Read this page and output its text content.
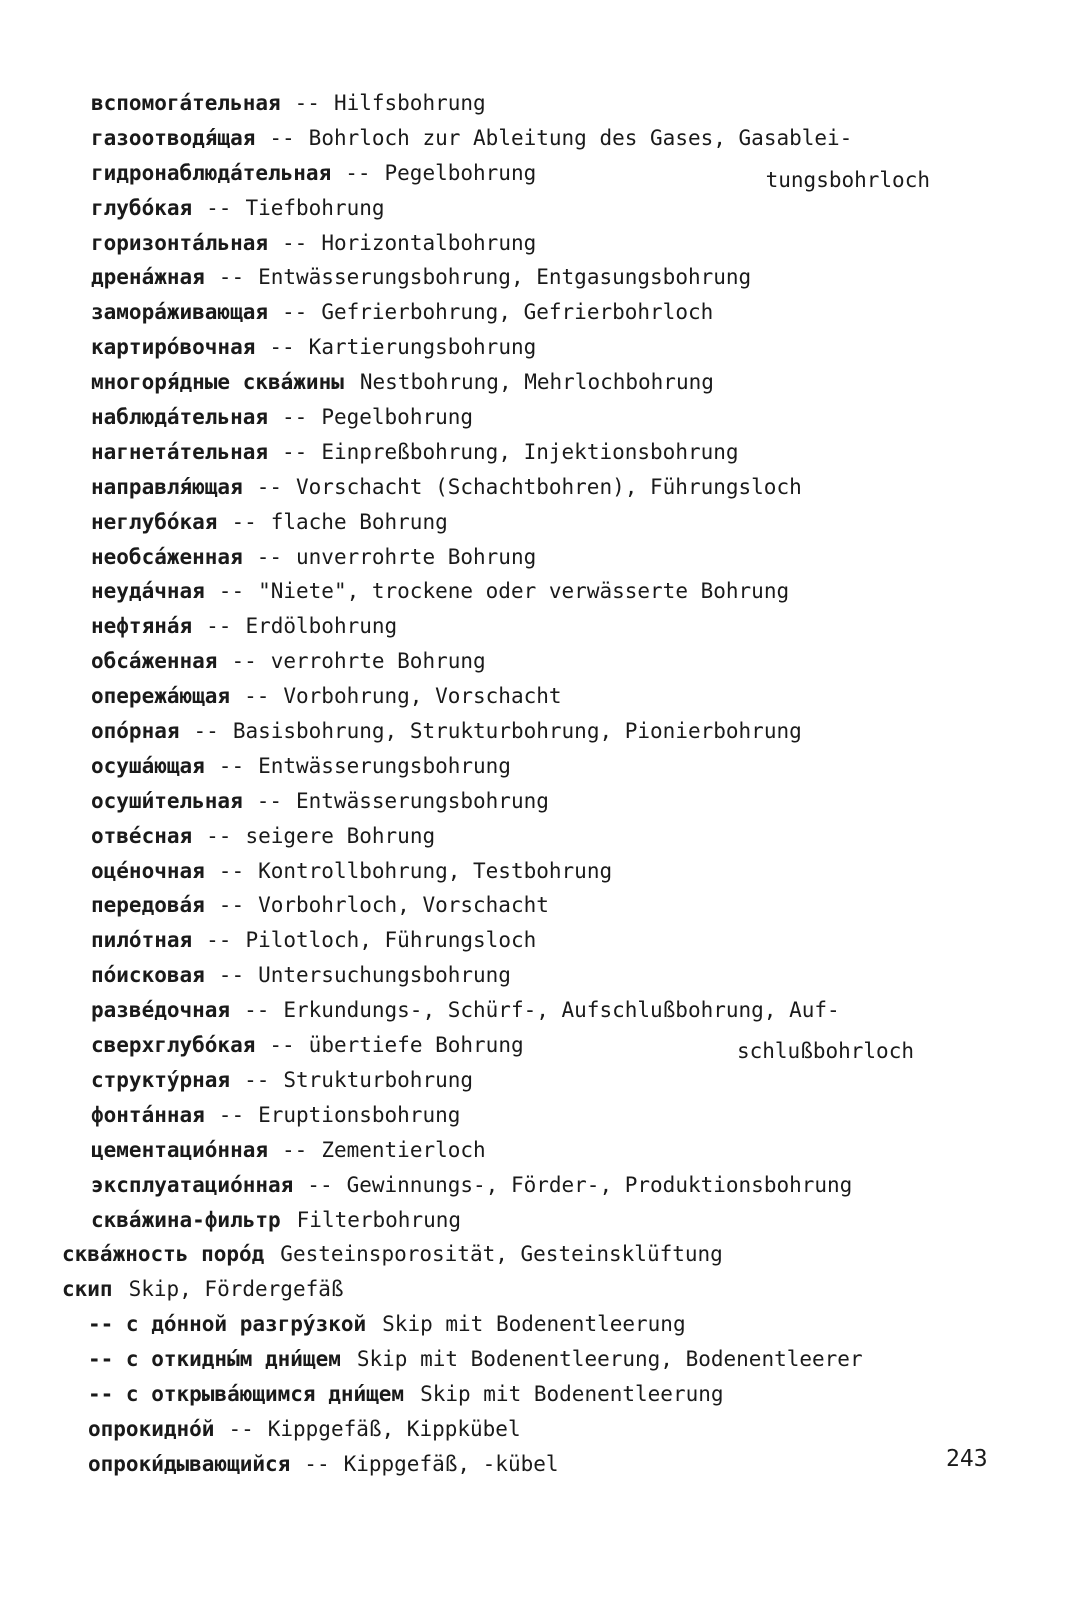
вспомогáтельная -- Hilfsbohrung
газоотводя́щая -- Bohrloch zur Ableitung des Gases, Gasablei-
гидронаблюдáтельная -- Pegelbohrung	tungsbohrloch
глубóкая -- Tiefbohrung
горизонтáльная -- Horizontalbohrung
дренáжная -- Entwässerungsbohrung, Entgasungsbohrung
заморáживающая -- Gefrierbohrung, Gefrierbohrloch
картирóвочная -- Kartierungsbohrung
многоря́дные сквáжины Nestbohrung, Mehrlochbohrung
наблюдáтельная -- Pegelbohrung
нагнетáтельная -- Einpreßbohrung, Injektionsbohrung
направля́ющая -- Vorschacht (Schachtbohren), Führungsloch
неглубóкая -- flache Bohrung
необсáженная -- unverrohrte Bohrung
неудáчная -- "Niete", trockene oder verwässerte Bohrung
нефтянáя -- Erdölbohrung
обсáженная -- verrohrte Bohrung
опережáющая -- Vorbohrung, Vorschacht
опóрная -- Basisbohrung, Strukturbohrung, Pionierbohrung
осушáющая -- Entwässerungsbohrung
осуши́тельная -- Entwässerungsbohrung
отвéсная -- seigere Bohrung
оцéночная -- Kontrollbohrung, Testbohrung
передовáя -- Vorbohrloch, Vorschacht
пилóтная -- Pilotloch, Führungsloch
пóисковая -- Untersuchungsbohrung
развéдочная -- Erkundungs-, Schürf-, Aufschlußbohrung, Auf-
сверхглубóкая -- übertiefe Bohrung	schlußbohrloch
структýрная -- Strukturbohrung
фонтáнная -- Eruptionsbohrung
цементациóнная -- Zementierloch
эксплуатациóнная -- Gewinnungs-, Förder-, Produktionsbohrung
сквáжина-фильтр Filterbohrung
сквáжность порóд Gesteinsporosität, Gesteinsklüftung
скип Skip, Fördergefäß
-- с дóнной разгрýзкой Skip mit Bodenentleerung
-- с откидны́м дни́щем Skip mit Bodenentleerung, Bodenentleerer
-- с открывáющимся дни́щем Skip mit Bodenentleerung
опрокиднóй -- Kippgefäß, Kippkübel
опроки́дывающийся -- Kippgefäß, -kübel	243
